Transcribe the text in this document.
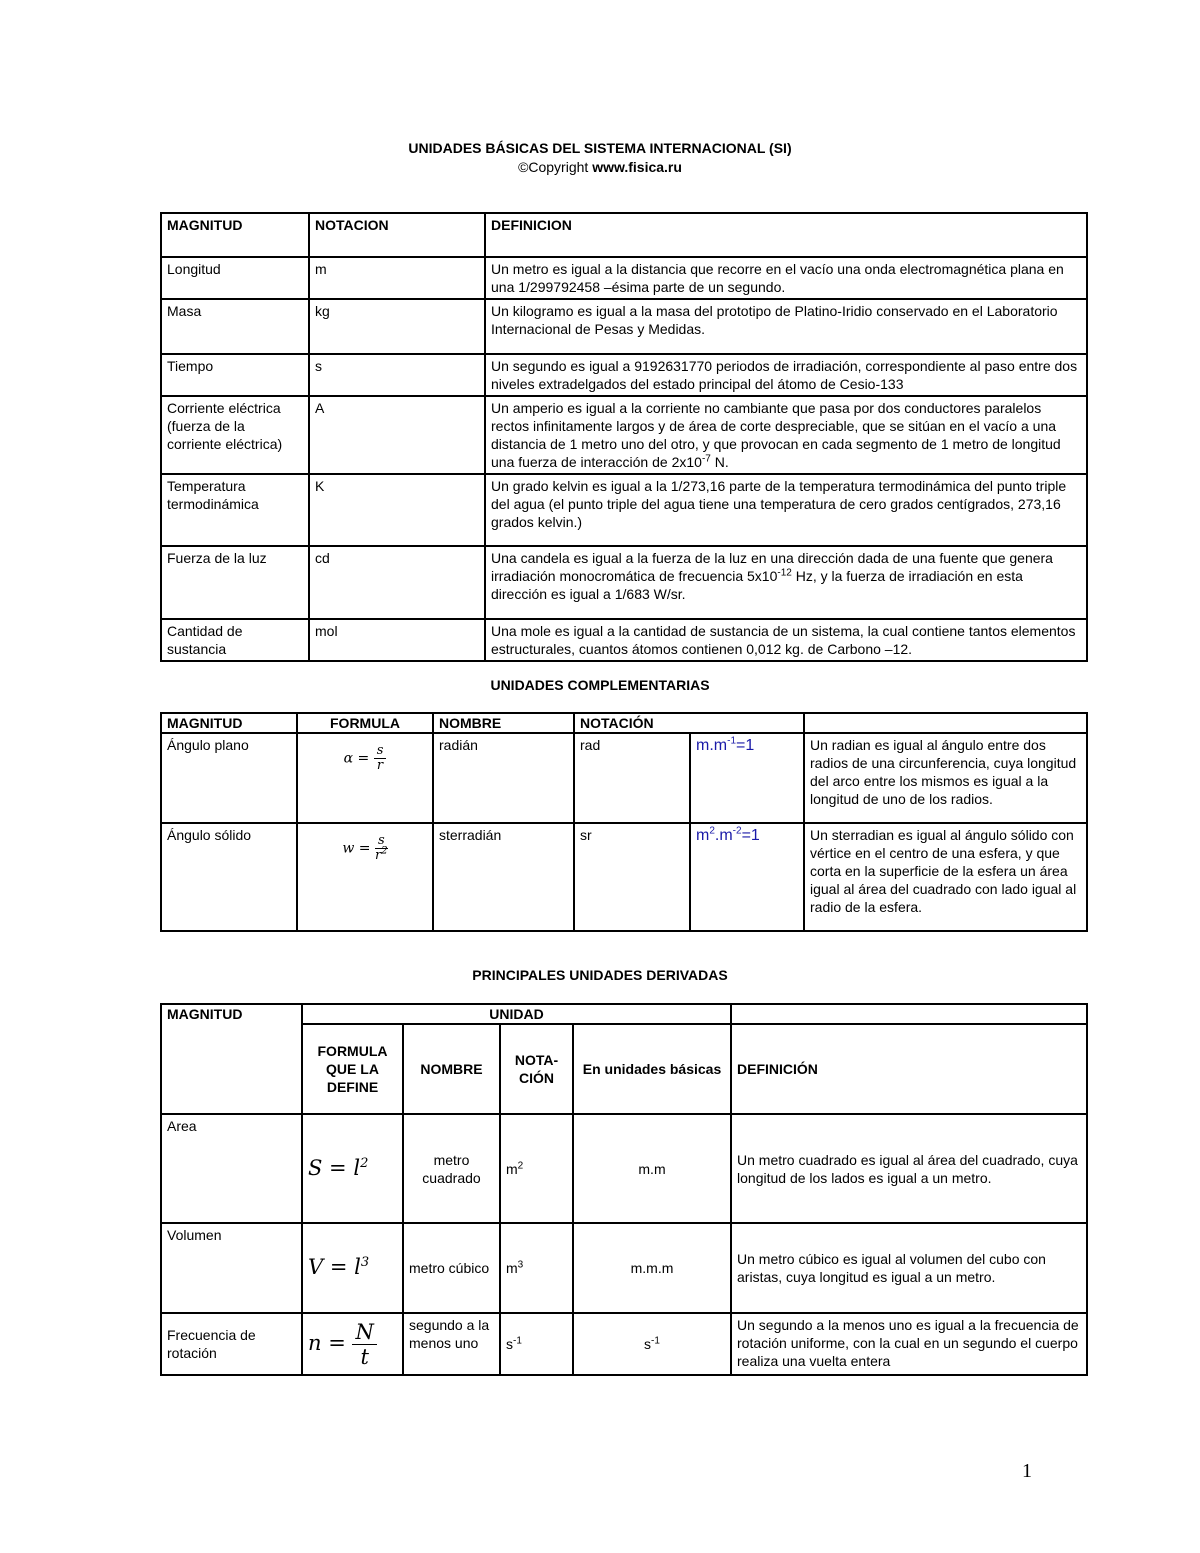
UNIDADES BÁSICAS DEL SISTEMA INTERNACIONAL (SI)
©Copyright www.fisica.ru
MAGNITUD	NOTACION	DEFINICION
Longitud	m	Un metro es igual a la distancia que recorre en el vacío una onda electromagnética plana en una 1/299792458 –ésima parte de un segundo.
Masa	kg	Un kilogramo es igual a la masa del prototipo de Platino-Iridio conservado en el Laboratorio Internacional de Pesas y Medidas.
Tiempo	s	Un segundo es igual a 9192631770 periodos de irradiación, correspondiente al paso entre dos niveles extradelgados del estado principal del átomo de Cesio-133
Corriente eléctrica (fuerza de la corriente eléctrica)	A	Un amperio es igual a la corriente no cambiante que pasa por dos conductores paralelos rectos infinitamente largos y de área de corte despreciable, que se sitúan en el vacío a una distancia de 1 metro uno del otro, y que provocan en cada segmento de 1 metro de longitud una fuerza de interacción de $2x10^{-7}$ N.
Temperatura termodinámica	K	Un grado kelvin es igual a la 1/273,16 parte de la temperatura termodinámica del punto triple del agua (el punto triple del agua tiene una temperatura de cero grados centígrados, 273,16 grados kelvin.)
Fuerza de la luz	cd	Una candela es igual a la fuerza de la luz en una dirección dada de una fuente que genera irradiación monocromática de frecuencia $5x10^{-12}$ Hz, y la fuerza de irradiación en esta dirección es igual a 1/683 W/sr.
Cantidad de sustancia	mol	Una mole es igual a la cantidad de sustancia de un sistema, la cual contiene tantos elementos estructurales, cuantos átomos contienen 0,012 kg. de Carbono –12.
UNIDADES COMPLEMENTARIAS
MAGNITUD	FORMULA	NOMBRE	NOTACIÓN		
Ángulo plano	$\alpha = \frac{s}{r}$	radián	rad	$m.m^{-1}=1$	Un radian es igual al ángulo entre dos radios de una circunferencia, cuya longitud del arco entre los mismos es igual a la longitud de uno de los radios.
Ángulo sólido	$w = \frac{s}{r^2}$	sterradián	sr	$m^2.m^{-2}=1$	Un sterradian es igual al ángulo sólido con vértice en el centro de una esfera, y que corta en la superficie de la esfera un área igual al área del cuadrado con lado igual al radio de la esfera.
PRINCIPALES UNIDADES DERIVADAS
MAGNITUD	UNIDAD				
	FORMULA QUE LA DEFINE	NOMBRE	NOTA-CIÓN	En unidades básicas	DEFINICIÓN
Area	$S = l^2$	metro cuadrado	$m^2$	m.m	Un metro cuadrado es igual al área del cuadrado, cuya longitud de los lados es igual a un metro.
Volumen	$V = l^3$	metro cúbico	$m^3$	m.m.m	Un metro cúbico es igual al volumen del cubo con aristas, cuya longitud es igual a un metro.
Frecuencia de rotación	$n = \frac{N}{t}$	segundo a la menos uno	$s^{-1}$	$s^{-1}$	Un segundo a la menos uno es igual a la frecuencia de rotación uniforme, con la cual en un segundo el cuerpo realiza una vuelta entera
1
